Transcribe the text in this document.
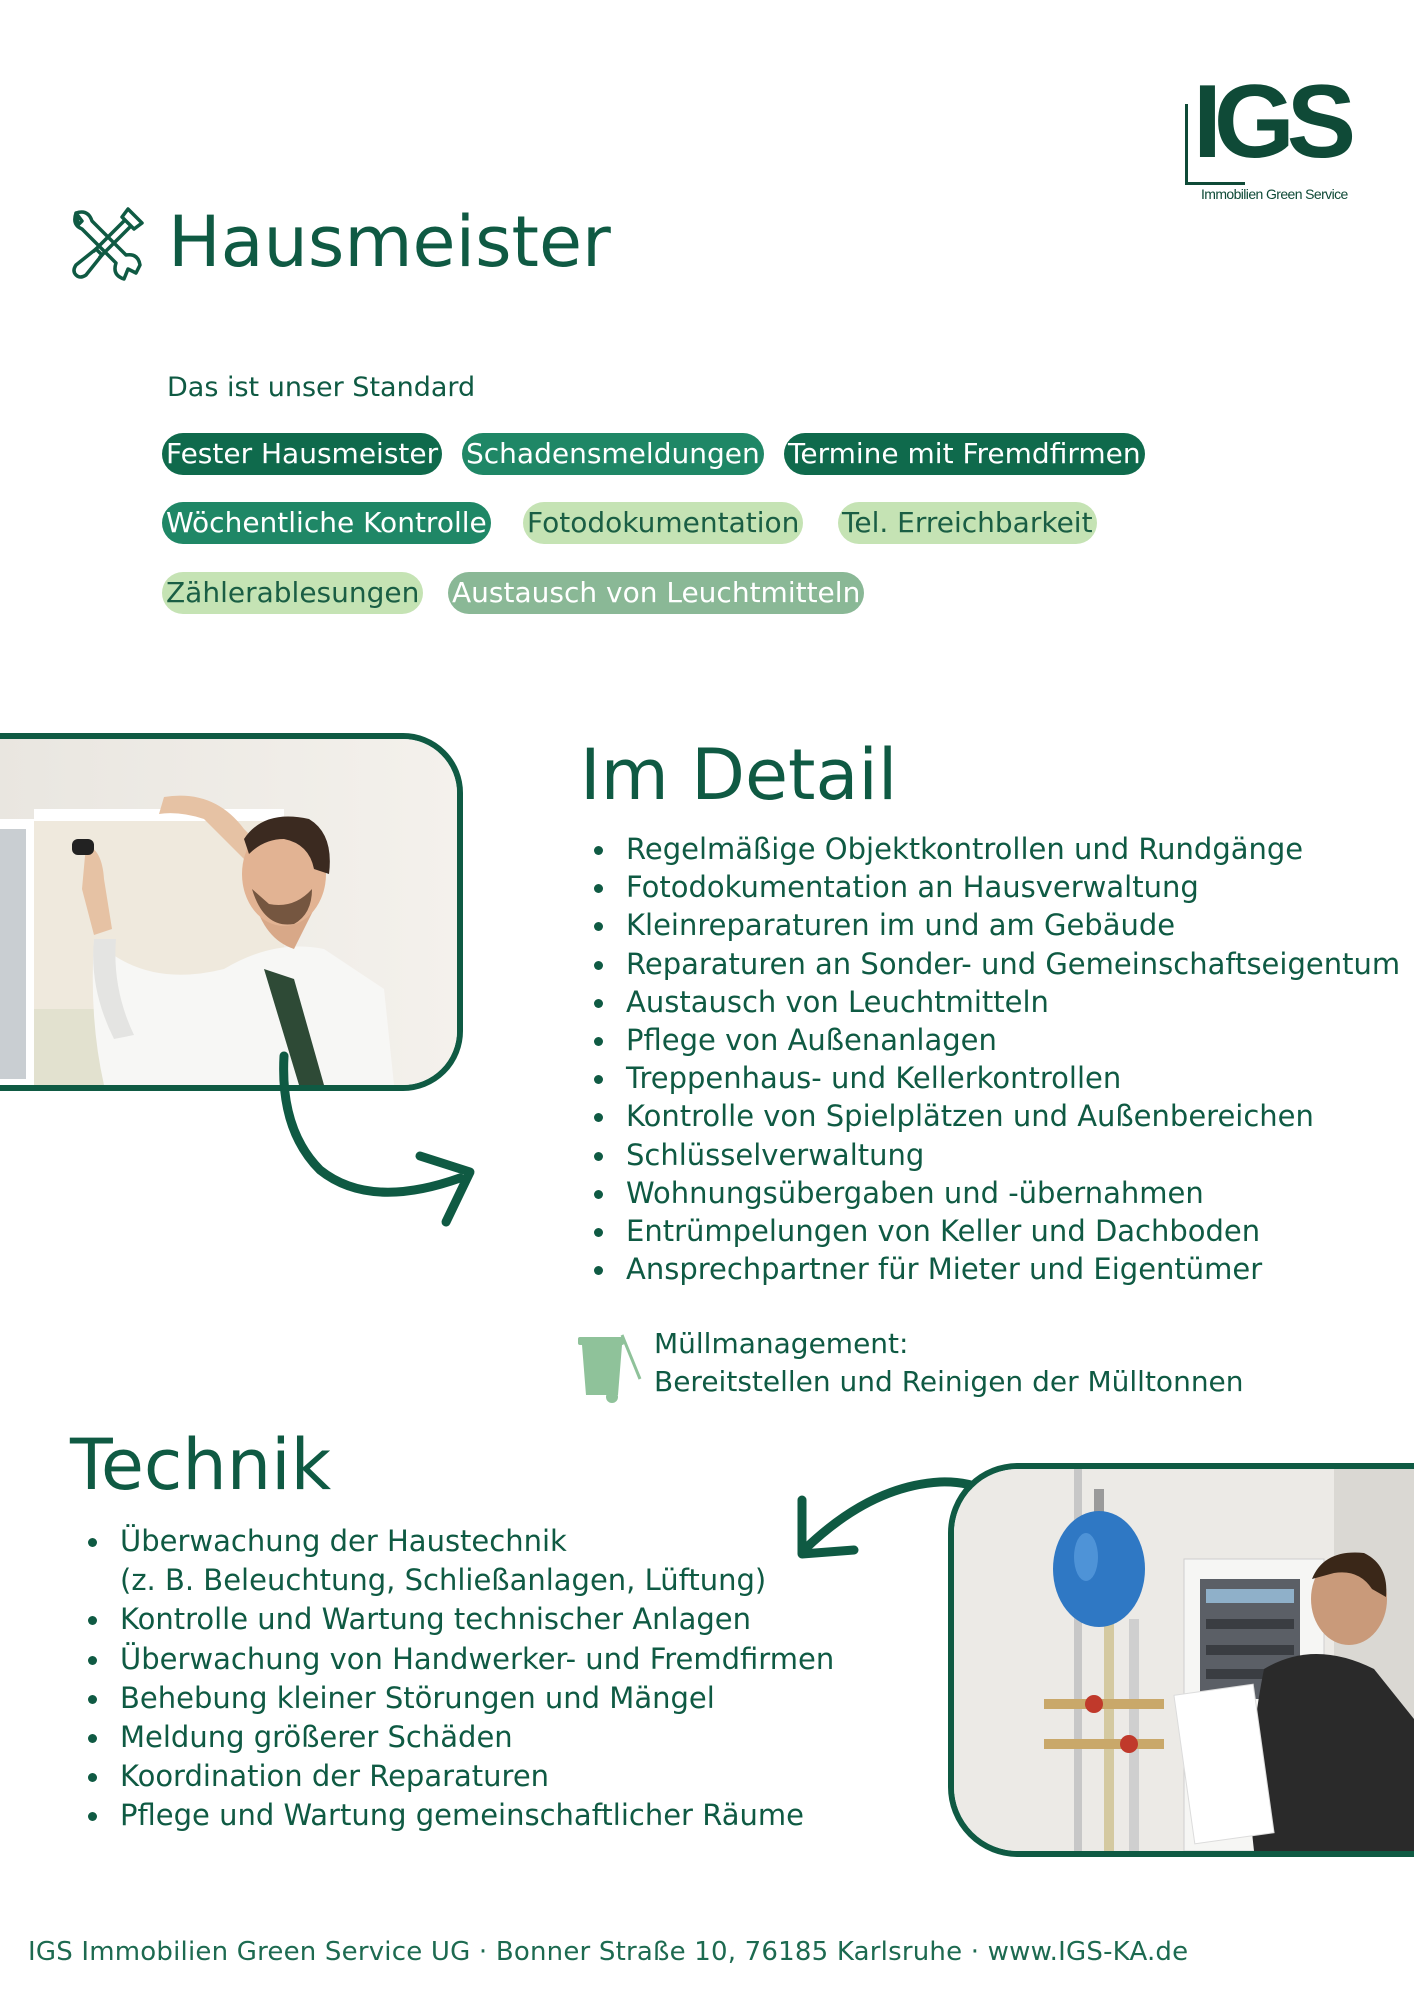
IGS
Immobilien Green Service
Hausmeister
Das ist unser Standard
Fester Hausmeister Schadensmeldungen Termine mit Fremdfirmen
Wöchentliche Kontrolle Fotodokumentation Tel. Erreichbarkeit
Zählerablesungen Austausch von Leuchtmitteln
Im Detail
Regelmäßige Objektkontrollen und Rundgänge
Fotodokumentation an Hausverwaltung
Kleinreparaturen im und am Gebäude
Reparaturen an Sonder- und Gemeinschaftseigentum
Austausch von Leuchtmitteln
Pflege von Außenanlagen
Treppenhaus- und Kellerkontrollen
Kontrolle von Spielplätzen und Außenbereichen
Schlüsselverwaltung
Wohnungsübergaben und -übernahmen
Entrümpelungen von Keller und Dachboden
Ansprechpartner für Mieter und Eigentümer
Müllmanagement:
Bereitstellen und Reinigen der Mülltonnen
Technik
Überwachung der Haustechnik
(z. B. Beleuchtung, Schließanlagen, Lüftung)
Kontrolle und Wartung technischer Anlagen
Überwachung von Handwerker- und Fremdfirmen
Behebung kleiner Störungen und Mängel
Meldung größerer Schäden
Koordination der Reparaturen
Pflege und Wartung gemeinschaftlicher Räume
IGS Immobilien Green Service UG · Bonner Straße 10, 76185 Karlsruhe · www.IGS-KA.de
